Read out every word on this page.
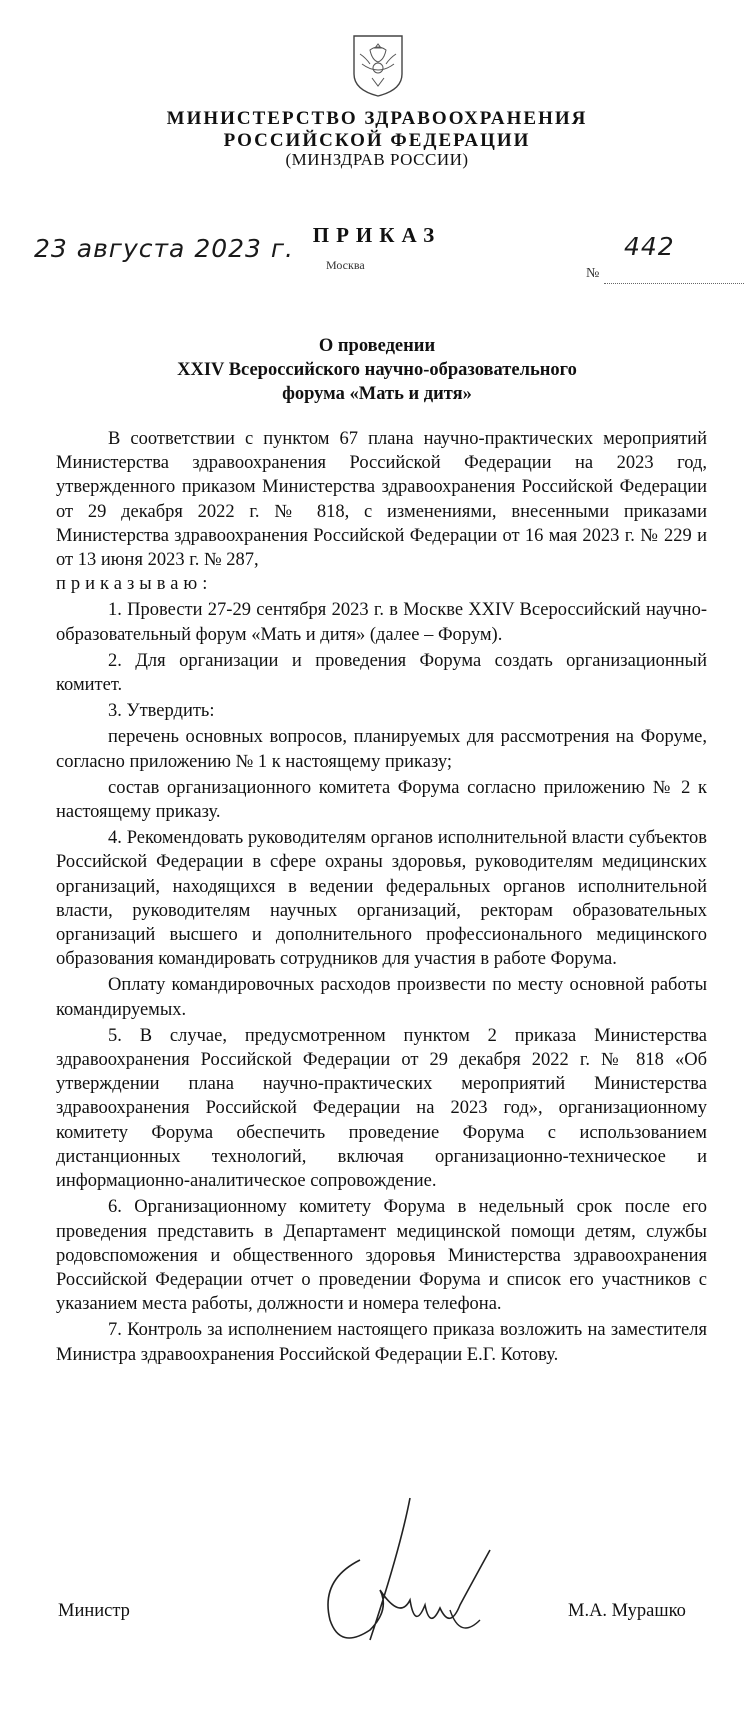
МИНИСТЕРСТВО ЗДРАВООХРАНЕНИЯ
РОССИЙСКОЙ ФЕДЕРАЦИИ
(МИНЗДРАВ РОССИИ)
ПРИКАЗ
23 августа 2023 г.
Москва
№
442
О проведении
XXIV Всероссийского научно-образовательного
форума «Мать и дитя»

В соответствии с пунктом 67 плана научно-практических мероприятий Министерства здравоохранения Российской Федерации на 2023 год, утвержденного приказом Министерства здравоохранения Российской Федерации от 29 декабря 2022 г. № 818, с изменениями, внесенными приказами Министерства здравоохранения Российской Федерации от 16 мая 2023 г. № 229 и от 13 июня 2023 г. № 287,
приказываю:

1. Провести 27-29 сентября 2023 г. в Москве XXIV Всероссийский научно-образовательный форум «Мать и дитя» (далее – Форум).

2. Для организации и проведения Форума создать организационный комитет.

3. Утвердить:

перечень основных вопросов, планируемых для рассмотрения на Форуме, согласно приложению № 1 к настоящему приказу;

состав организационного комитета Форума согласно приложению № 2 к настоящему приказу.

4. Рекомендовать руководителям органов исполнительной власти субъектов Российской Федерации в сфере охраны здоровья, руководителям медицинских организаций, находящихся в ведении федеральных органов исполнительной власти, руководителям научных организаций, ректорам образовательных организаций высшего и дополнительного профессионального медицинского образования командировать сотрудников для участия в работе Форума.

Оплату командировочных расходов произвести по месту основной работы командируемых.

5. В случае, предусмотренном пунктом 2 приказа Министерства здравоохранения Российской Федерации от 29 декабря 2022 г. № 818 «Об утверждении плана научно-практических мероприятий Министерства здравоохранения Российской Федерации на 2023 год», организационному комитету Форума обеспечить проведение Форума с использованием дистанционных технологий, включая организационно-техническое и информационно-аналитическое сопровождение.

6. Организационному комитету Форума в недельный срок после его проведения представить в Департамент медицинской помощи детям, службы родовспоможения и общественного здоровья Министерства здравоохранения Российской Федерации отчет о проведении Форума и список его участников с указанием места работы, должности и номера телефона.

7. Контроль за исполнением настоящего приказа возложить на заместителя Министра здравоохранения Российской Федерации Е.Г. Котову.

Министр	М.А. Мурашко
